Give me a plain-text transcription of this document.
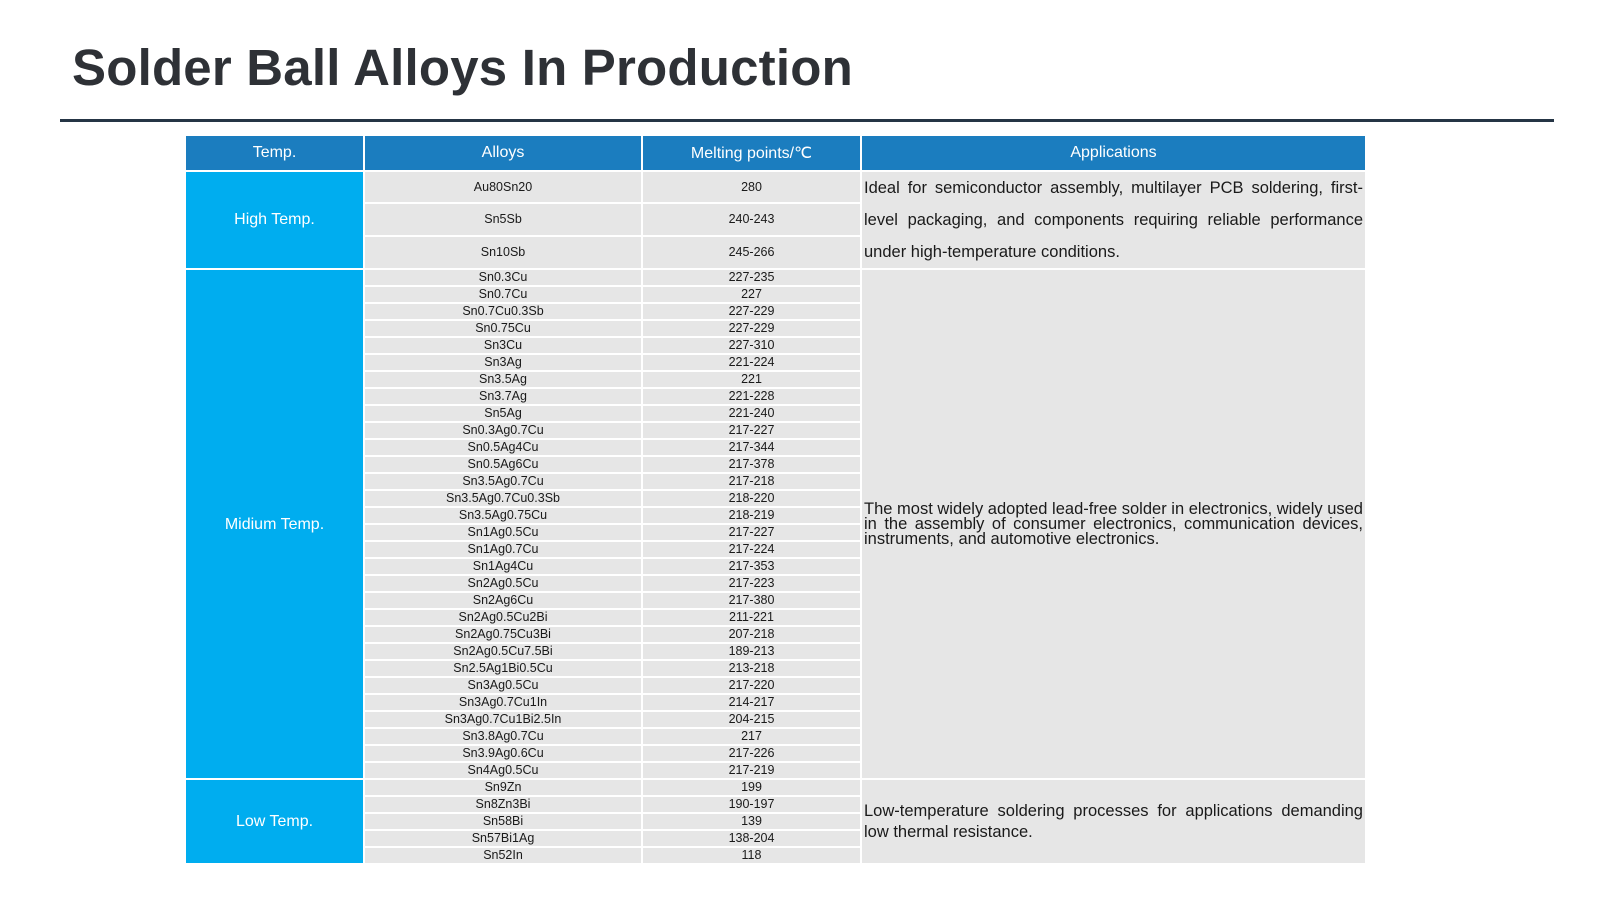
Solder Ball Alloys In Production
Temp.	Alloys	Melting points/℃	Applications
High Temp.	Au80Sn20	280	Ideal for semiconductor assembly, multilayer PCB soldering, first-level packaging, and components requiring reliable performance under high-temperature conditions.
	Sn5Sb	240-243	
	Sn10Sb	245-266	
Midium Temp.	Sn0.3Cu	227-235	The most widely adopted lead-free solder in electronics, widely used in the assembly of consumer electronics, communication devices, instruments, and automotive electronics.
	Sn0.7Cu	227	
	Sn0.7Cu0.3Sb	227-229	
	Sn0.75Cu	227-229	
	Sn3Cu	227-310	
	Sn3Ag	221-224	
	Sn3.5Ag	221	
	Sn3.7Ag	221-228	
	Sn5Ag	221-240	
	Sn0.3Ag0.7Cu	217-227	
	Sn0.5Ag4Cu	217-344	
	Sn0.5Ag6Cu	217-378	
	Sn3.5Ag0.7Cu	217-218	
	Sn3.5Ag0.7Cu0.3Sb	218-220	
	Sn3.5Ag0.75Cu	218-219	
	Sn1Ag0.5Cu	217-227	
	Sn1Ag0.7Cu	217-224	
	Sn1Ag4Cu	217-353	
	Sn2Ag0.5Cu	217-223	
	Sn2Ag6Cu	217-380	
	Sn2Ag0.5Cu2Bi	211-221	
	Sn2Ag0.75Cu3Bi	207-218	
	Sn2Ag0.5Cu7.5Bi	189-213	
	Sn2.5Ag1Bi0.5Cu	213-218	
	Sn3Ag0.5Cu	217-220	
	Sn3Ag0.7Cu1In	214-217	
	Sn3Ag0.7Cu1Bi2.5In	204-215	
	Sn3.8Ag0.7Cu	217	
	Sn3.9Ag0.6Cu	217-226	
	Sn4Ag0.5Cu	217-219	
Low Temp.	Sn9Zn	199	Low-temperature soldering processes for applications demanding low thermal resistance.
	Sn8Zn3Bi	190-197	
	Sn58Bi	139	
	Sn57Bi1Ag	138-204	
	Sn52In	118	
